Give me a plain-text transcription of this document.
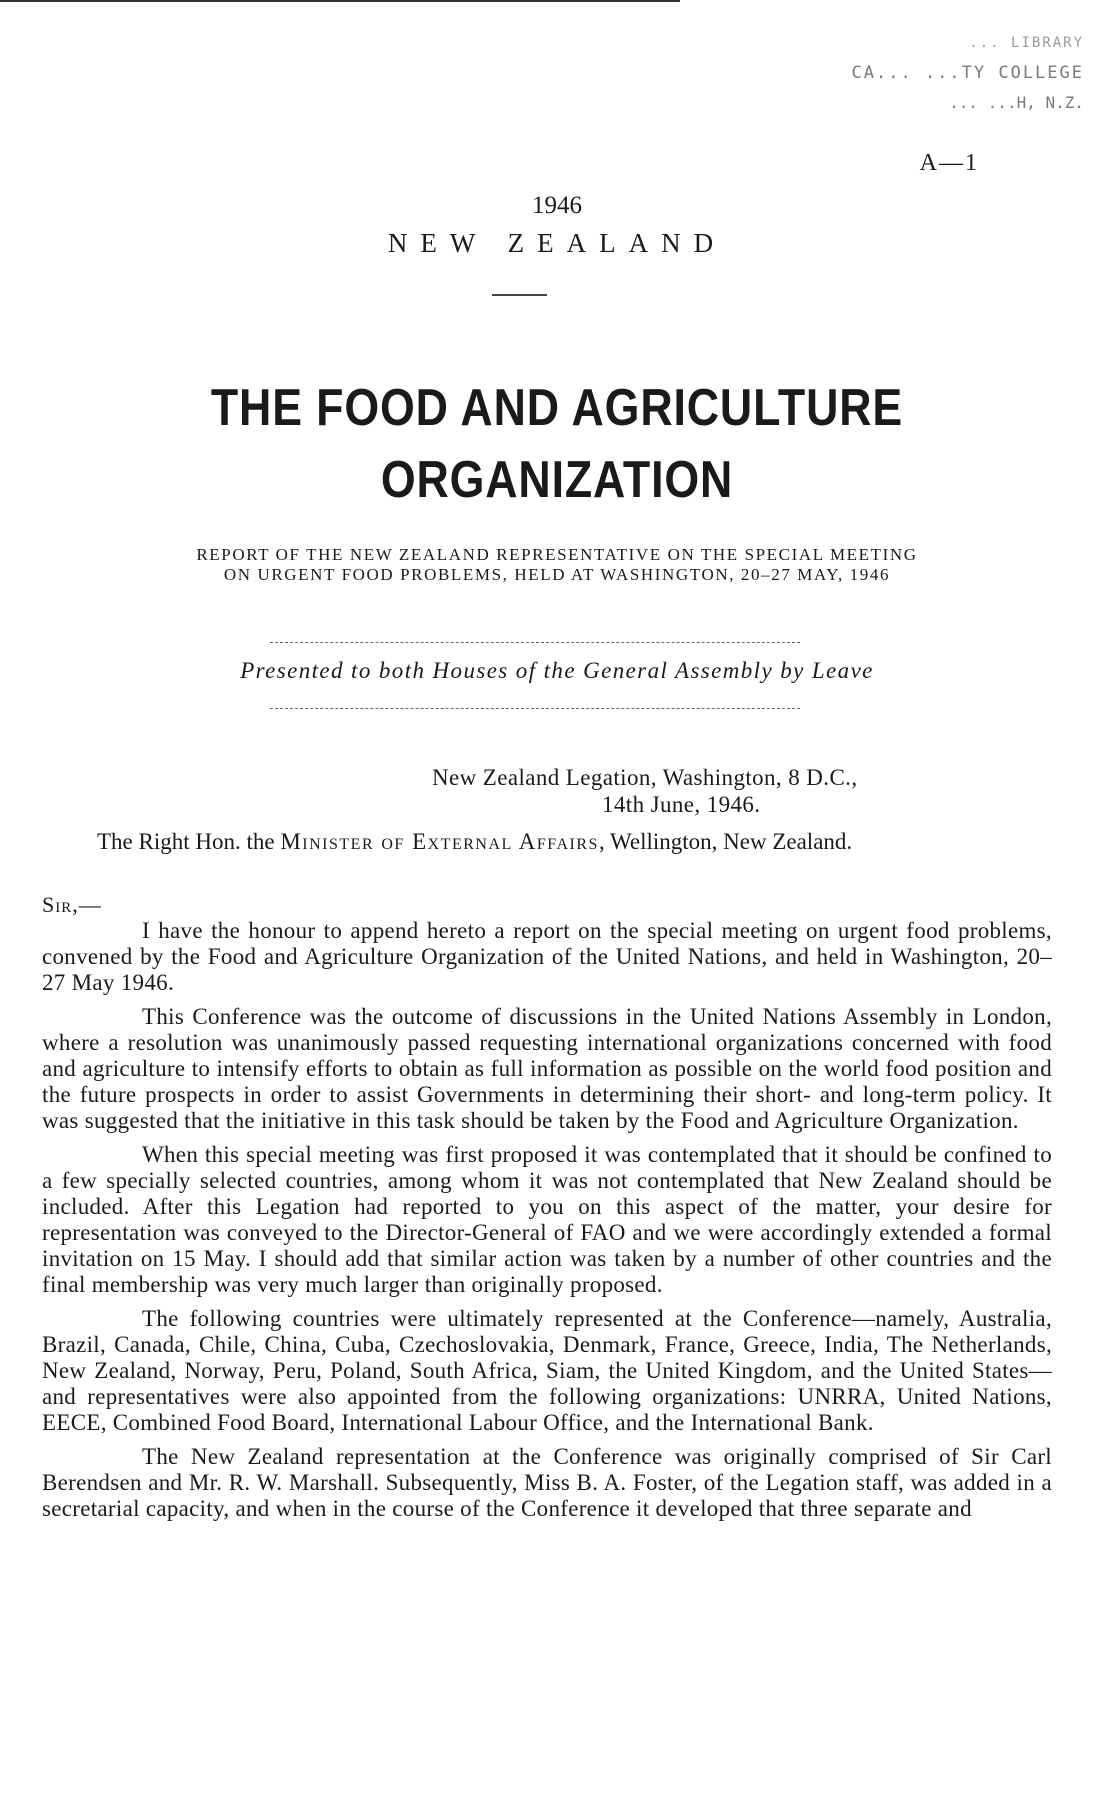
... LIBRARY
CA... ...TY COLLEGE
... ...H, N.Z.
A—1
1946
NEW ZEALAND
THE FOOD AND AGRICULTURE
ORGANIZATION
REPORT OF THE NEW ZEALAND REPRESENTATIVE ON THE SPECIAL MEETING
ON URGENT FOOD PROBLEMS, HELD AT WASHINGTON, 20–27 MAY, 1946
Presented to both Houses of the General Assembly by Leave
New Zealand Legation, Washington, 8 D.C.,
14th June, 1946.
The Right Hon. the Minister of External Affairs, Wellington, New Zealand.
Sir,—

I have the honour to append hereto a report on the special meeting on urgent food problems, convened by the Food and Agriculture Organization of the United Nations, and held in Washington, 20–27 May 1946.

This Conference was the outcome of discussions in the United Nations Assembly in London, where a resolution was unanimously passed requesting international organizations concerned with food and agriculture to intensify efforts to obtain as full information as possible on the world food position and the future prospects in order to assist Governments in determining their short- and long-term policy. It was suggested that the initiative in this task should be taken by the Food and Agriculture Organization.

When this special meeting was first proposed it was contemplated that it should be confined to a few specially selected countries, among whom it was not contemplated that New Zealand should be included. After this Legation had reported to you on this aspect of the matter, your desire for representation was conveyed to the Director-General of FAO and we were accordingly extended a formal invitation on 15 May. I should add that similar action was taken by a number of other countries and the final membership was very much larger than originally proposed.

The following countries were ultimately represented at the Conference—namely, Australia, Brazil, Canada, Chile, China, Cuba, Czechoslovakia, Denmark, France, Greece, India, The Netherlands, New Zealand, Norway, Peru, Poland, South Africa, Siam, the United Kingdom, and the United States—and representatives were also appointed from the following organizations: UNRRA, United Nations, EECE, Combined Food Board, International Labour Office, and the International Bank.

The New Zealand representation at the Conference was originally comprised of Sir Carl Berendsen and Mr. R. W. Marshall. Subsequently, Miss B. A. Foster, of the Legation staff, was added in a secretarial capacity, and when in the course of the Conference it developed that three separate and
